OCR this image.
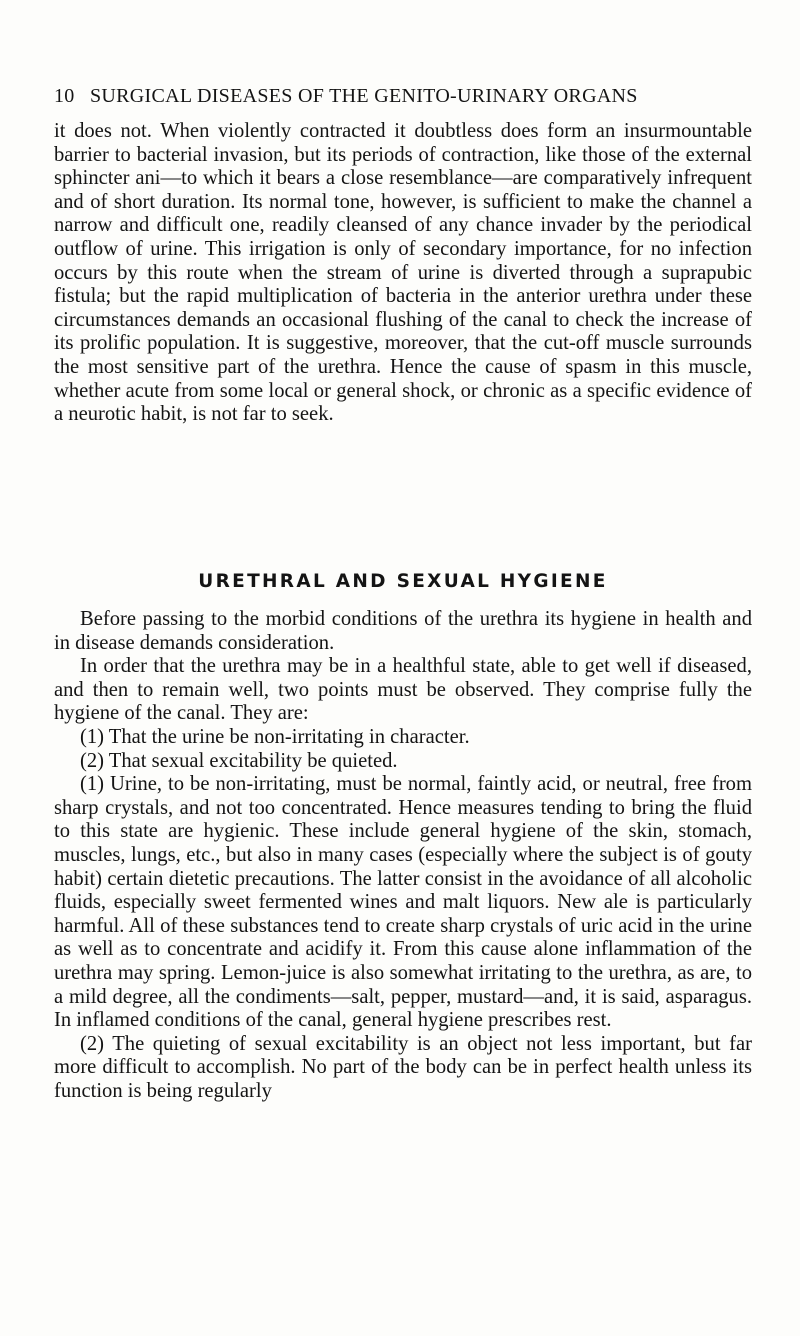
10 SURGICAL DISEASES OF THE GENITO-URINARY ORGANS

it does not. When violently contracted it doubtless does form an insurmountable barrier to bacterial invasion, but its periods of contraction, like those of the external sphincter ani—to which it bears a close resemblance—are comparatively infrequent and of short duration. Its normal tone, however, is sufficient to make the channel a narrow and difficult one, readily cleansed of any chance invader by the periodical outflow of urine. This irrigation is only of secondary importance, for no infection occurs by this route when the stream of urine is diverted through a suprapubic fistula; but the rapid multiplication of bacteria in the anterior urethra under these circumstances demands an occasional flushing of the canal to check the increase of its prolific population. It is suggestive, moreover, that the cut-off muscle surrounds the most sensitive part of the urethra. Hence the cause of spasm in this muscle, whether acute from some local or general shock, or chronic as a specific evidence of a neurotic habit, is not far to seek.

URETHRAL AND SEXUAL HYGIENE

Before passing to the morbid conditions of the urethra its hygiene in health and in disease demands consideration.

In order that the urethra may be in a healthful state, able to get well if diseased, and then to remain well, two points must be observed. They comprise fully the hygiene of the canal. They are:

(1) That the urine be non-irritating in character.

(2) That sexual excitability be quieted.

(1) Urine, to be non-irritating, must be normal, faintly acid, or neutral, free from sharp crystals, and not too concentrated. Hence measures tending to bring the fluid to this state are hygienic. These include general hygiene of the skin, stomach, muscles, lungs, etc., but also in many cases (especially where the subject is of gouty habit) certain dietetic precautions. The latter consist in the avoidance of all alcoholic fluids, especially sweet fermented wines and malt liquors. New ale is particularly harmful. All of these substances tend to create sharp crystals of uric acid in the urine as well as to concentrate and acidify it. From this cause alone inflammation of the urethra may spring. Lemon-juice is also somewhat irritating to the urethra, as are, to a mild degree, all the condiments—salt, pepper, mustard—and, it is said, asparagus. In inflamed conditions of the canal, general hygiene prescribes rest.

(2) The quieting of sexual excitability is an object not less important, but far more difficult to accomplish. No part of the body can be in perfect health unless its function is being regularly
